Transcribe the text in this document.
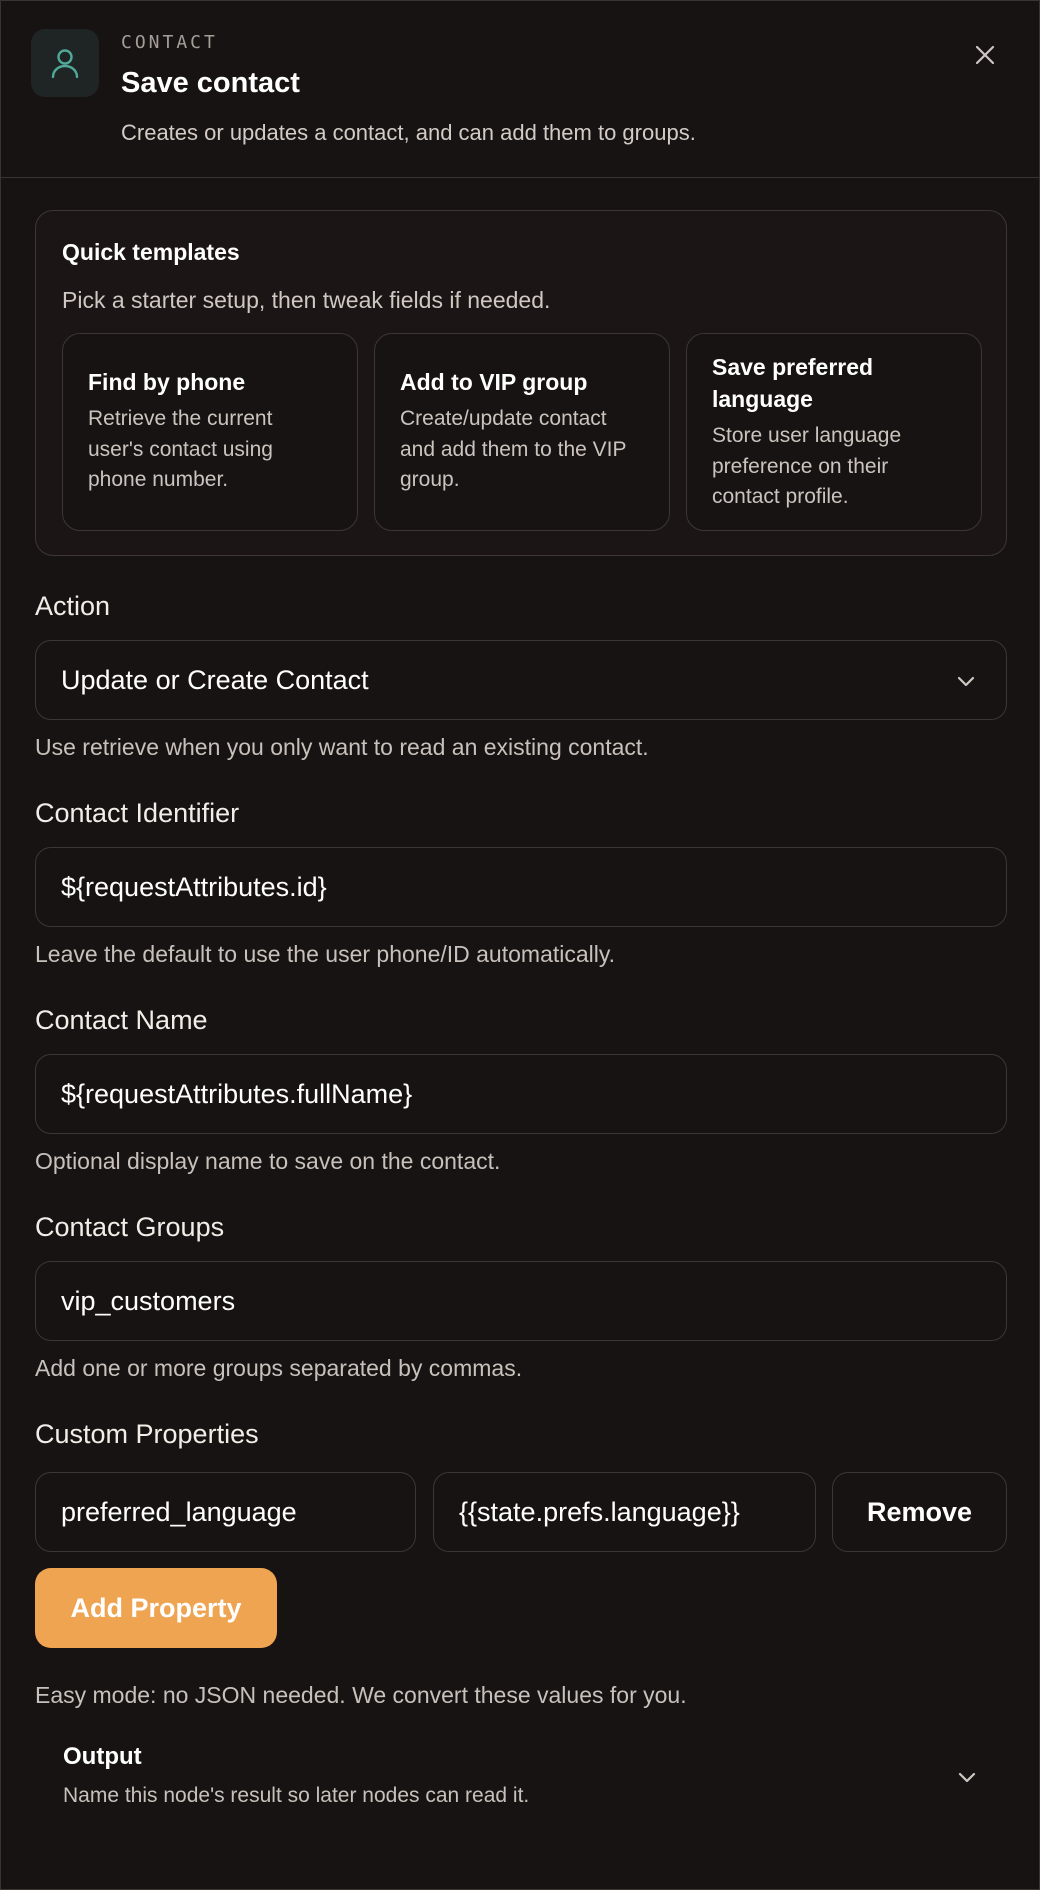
CONTACT
Save contact
Creates or updates a contact, and can add them to groups.
Quick templates
Pick a starter setup, then tweak fields if needed.
Find by phone
Retrieve the current user's contact using phone number.
Add to VIP group
Create/update contact and add them to the VIP group.
Save preferred language
Store user language preference on their contact profile.
Action
Update or Create Contact
Use retrieve when you only want to read an existing contact.
Contact Identifier
${requestAttributes.id}
Leave the default to use the user phone/ID automatically.
Contact Name
${requestAttributes.fullName}
Optional display name to save on the contact.
Contact Groups
vip_customers
Add one or more groups separated by commas.
Custom Properties
preferred_language
{{state.prefs.language}}
Remove
Add Property
Easy mode: no JSON needed. We convert these values for you.
Output
Name this node's result so later nodes can read it.
